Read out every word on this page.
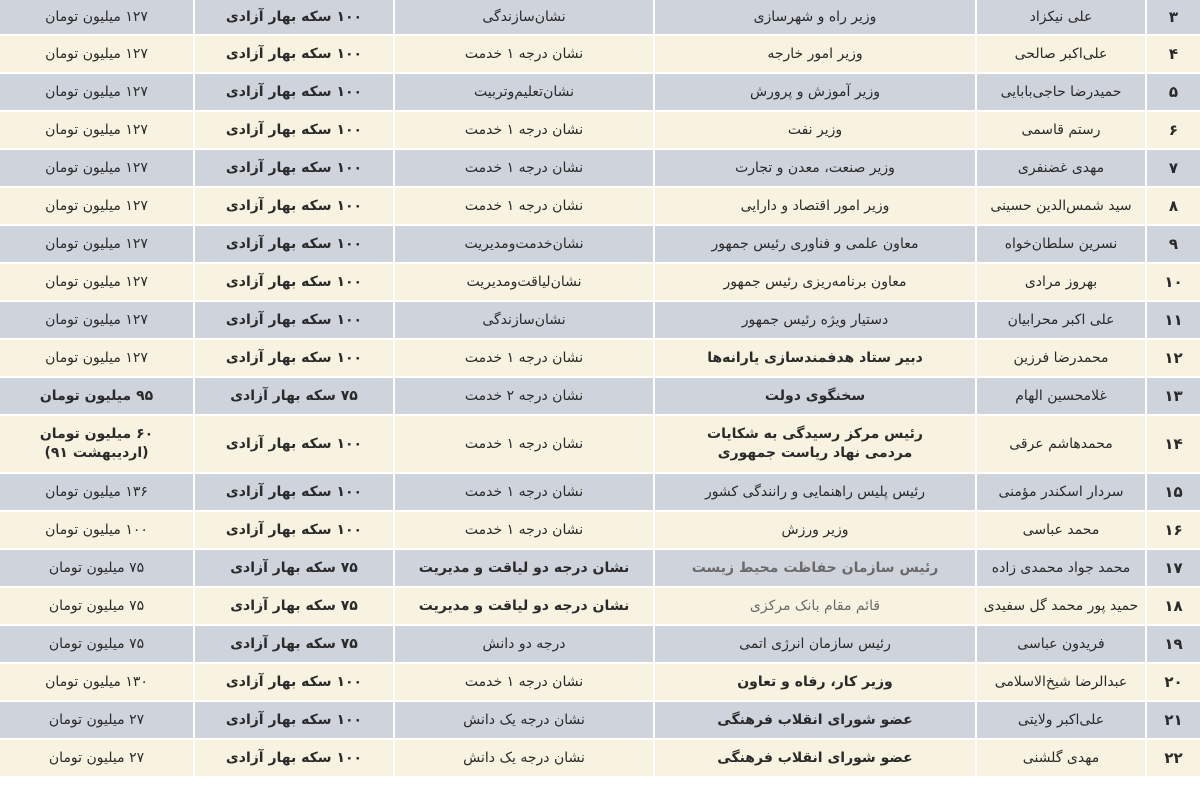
۳
علی نیکزاد
وزیر راه و شهرسازی
نشان‌سازندگی
۱۰۰ سکه بهار آزادی
۱۲۷ میلیون تومان
۴
علی‌اکبر صالحی
وزیر امور خارجه
نشان درجه ۱ خدمت
۱۰۰ سکه بهار آزادی
۱۲۷ میلیون تومان
۵
حمیدرضا حاجی‌بابایی
وزیر آموزش و پرورش
نشان‌تعلیم‌و‌تربیت
۱۰۰ سکه بهار آزادی
۱۲۷ میلیون تومان
۶
رستم قاسمی
وزیر نفت
نشان درجه ۱ خدمت
۱۰۰ سکه بهار آزادی
۱۲۷ میلیون تومان
۷
مهدی غضنفری
وزیر صنعت، معدن و تجارت
نشان درجه ۱ خدمت
۱۰۰ سکه بهار آزادی
۱۲۷ میلیون تومان
۸
سید شمس‌الدین حسینی
وزیر امور اقتصاد و دارایی
نشان درجه ۱ خدمت
۱۰۰ سکه بهار آزادی
۱۲۷ میلیون تومان
۹
نسرین سلطان‌خواه
معاون علمی و فناوری رئیس جمهور
نشان‌خدمت‌ومدیریت
۱۰۰ سکه بهار آزادی
۱۲۷ میلیون تومان
۱۰
بهروز مرادی
معاون برنامه‌ریزی رئیس جمهور
نشان‌لیاقت‌ومدیریت
۱۰۰ سکه بهار آزادی
۱۲۷ میلیون تومان
۱۱
علی اکبر محرابیان
دستیار ویژه رئیس جمهور
نشان‌سازندگی
۱۰۰ سکه بهار آزادی
۱۲۷ میلیون تومان
۱۲
محمدرضا فرزین
دبیر ستاد هدفمندسازی یارانه‌ها
نشان درجه ۱ خدمت
۱۰۰ سکه بهار آزادی
۱۲۷ میلیون تومان
۱۳
غلامحسین الهام
سخنگوی دولت
نشان درجه ۲ خدمت
۷۵ سکه بهار آزادی
۹۵ میلیون تومان
۱۴
محمدهاشم عرقی
رئیس مرکز رسیدگی به شکایات
مردمی نهاد ریاست جمهوری
نشان درجه ۱ خدمت
۱۰۰ سکه بهار آزادی
۶۰ میلیون تومان
(اردیبهشت ۹۱)
۱۵
سردار اسکندر مؤمنی
رئیس پلیس راهنمایی و رانندگی کشور
نشان درجه ۱ خدمت
۱۰۰ سکه بهار آزادی
۱۳۶ میلیون تومان
۱۶
محمد عباسی
وزیر ورزش
نشان درجه ۱ خدمت
۱۰۰ سکه بهار آزادی
۱۰۰ میلیون تومان
۱۷
محمد جواد محمدی زاده
رئیس سازمان حفاظت محیط زیست
نشان درجه دو لیاقت و مدیریت
۷۵ سکه بهار آزادی
۷۵ میلیون تومان
۱۸
حمید پور محمد گل سفیدی
قائم مقام بانک مرکزی
نشان درجه دو لیاقت و مدیریت
۷۵ سکه بهار آزادی
۷۵ میلیون تومان
۱۹
فریدون عباسی
رئیس سازمان انرژی اتمی
درجه دو دانش
۷۵ سکه بهار آزادی
۷۵ میلیون تومان
۲۰
عبدالرضا شیخ‌الاسلامی
وزیر کار، رفاه و تعاون
نشان درجه ۱ خدمت
۱۰۰ سکه بهار آزادی
۱۳۰ میلیون تومان
۲۱
علی‌اکبر ولایتی
عضو شورای انقلاب فرهنگی
نشان درجه یک دانش
۱۰۰ سکه بهار آزادی
۲۷ میلیون تومان
۲۲
مهدی گلشنی
عضو شورای انقلاب فرهنگی
نشان درجه یک دانش
۱۰۰ سکه بهار آزادی
۲۷ میلیون تومان
